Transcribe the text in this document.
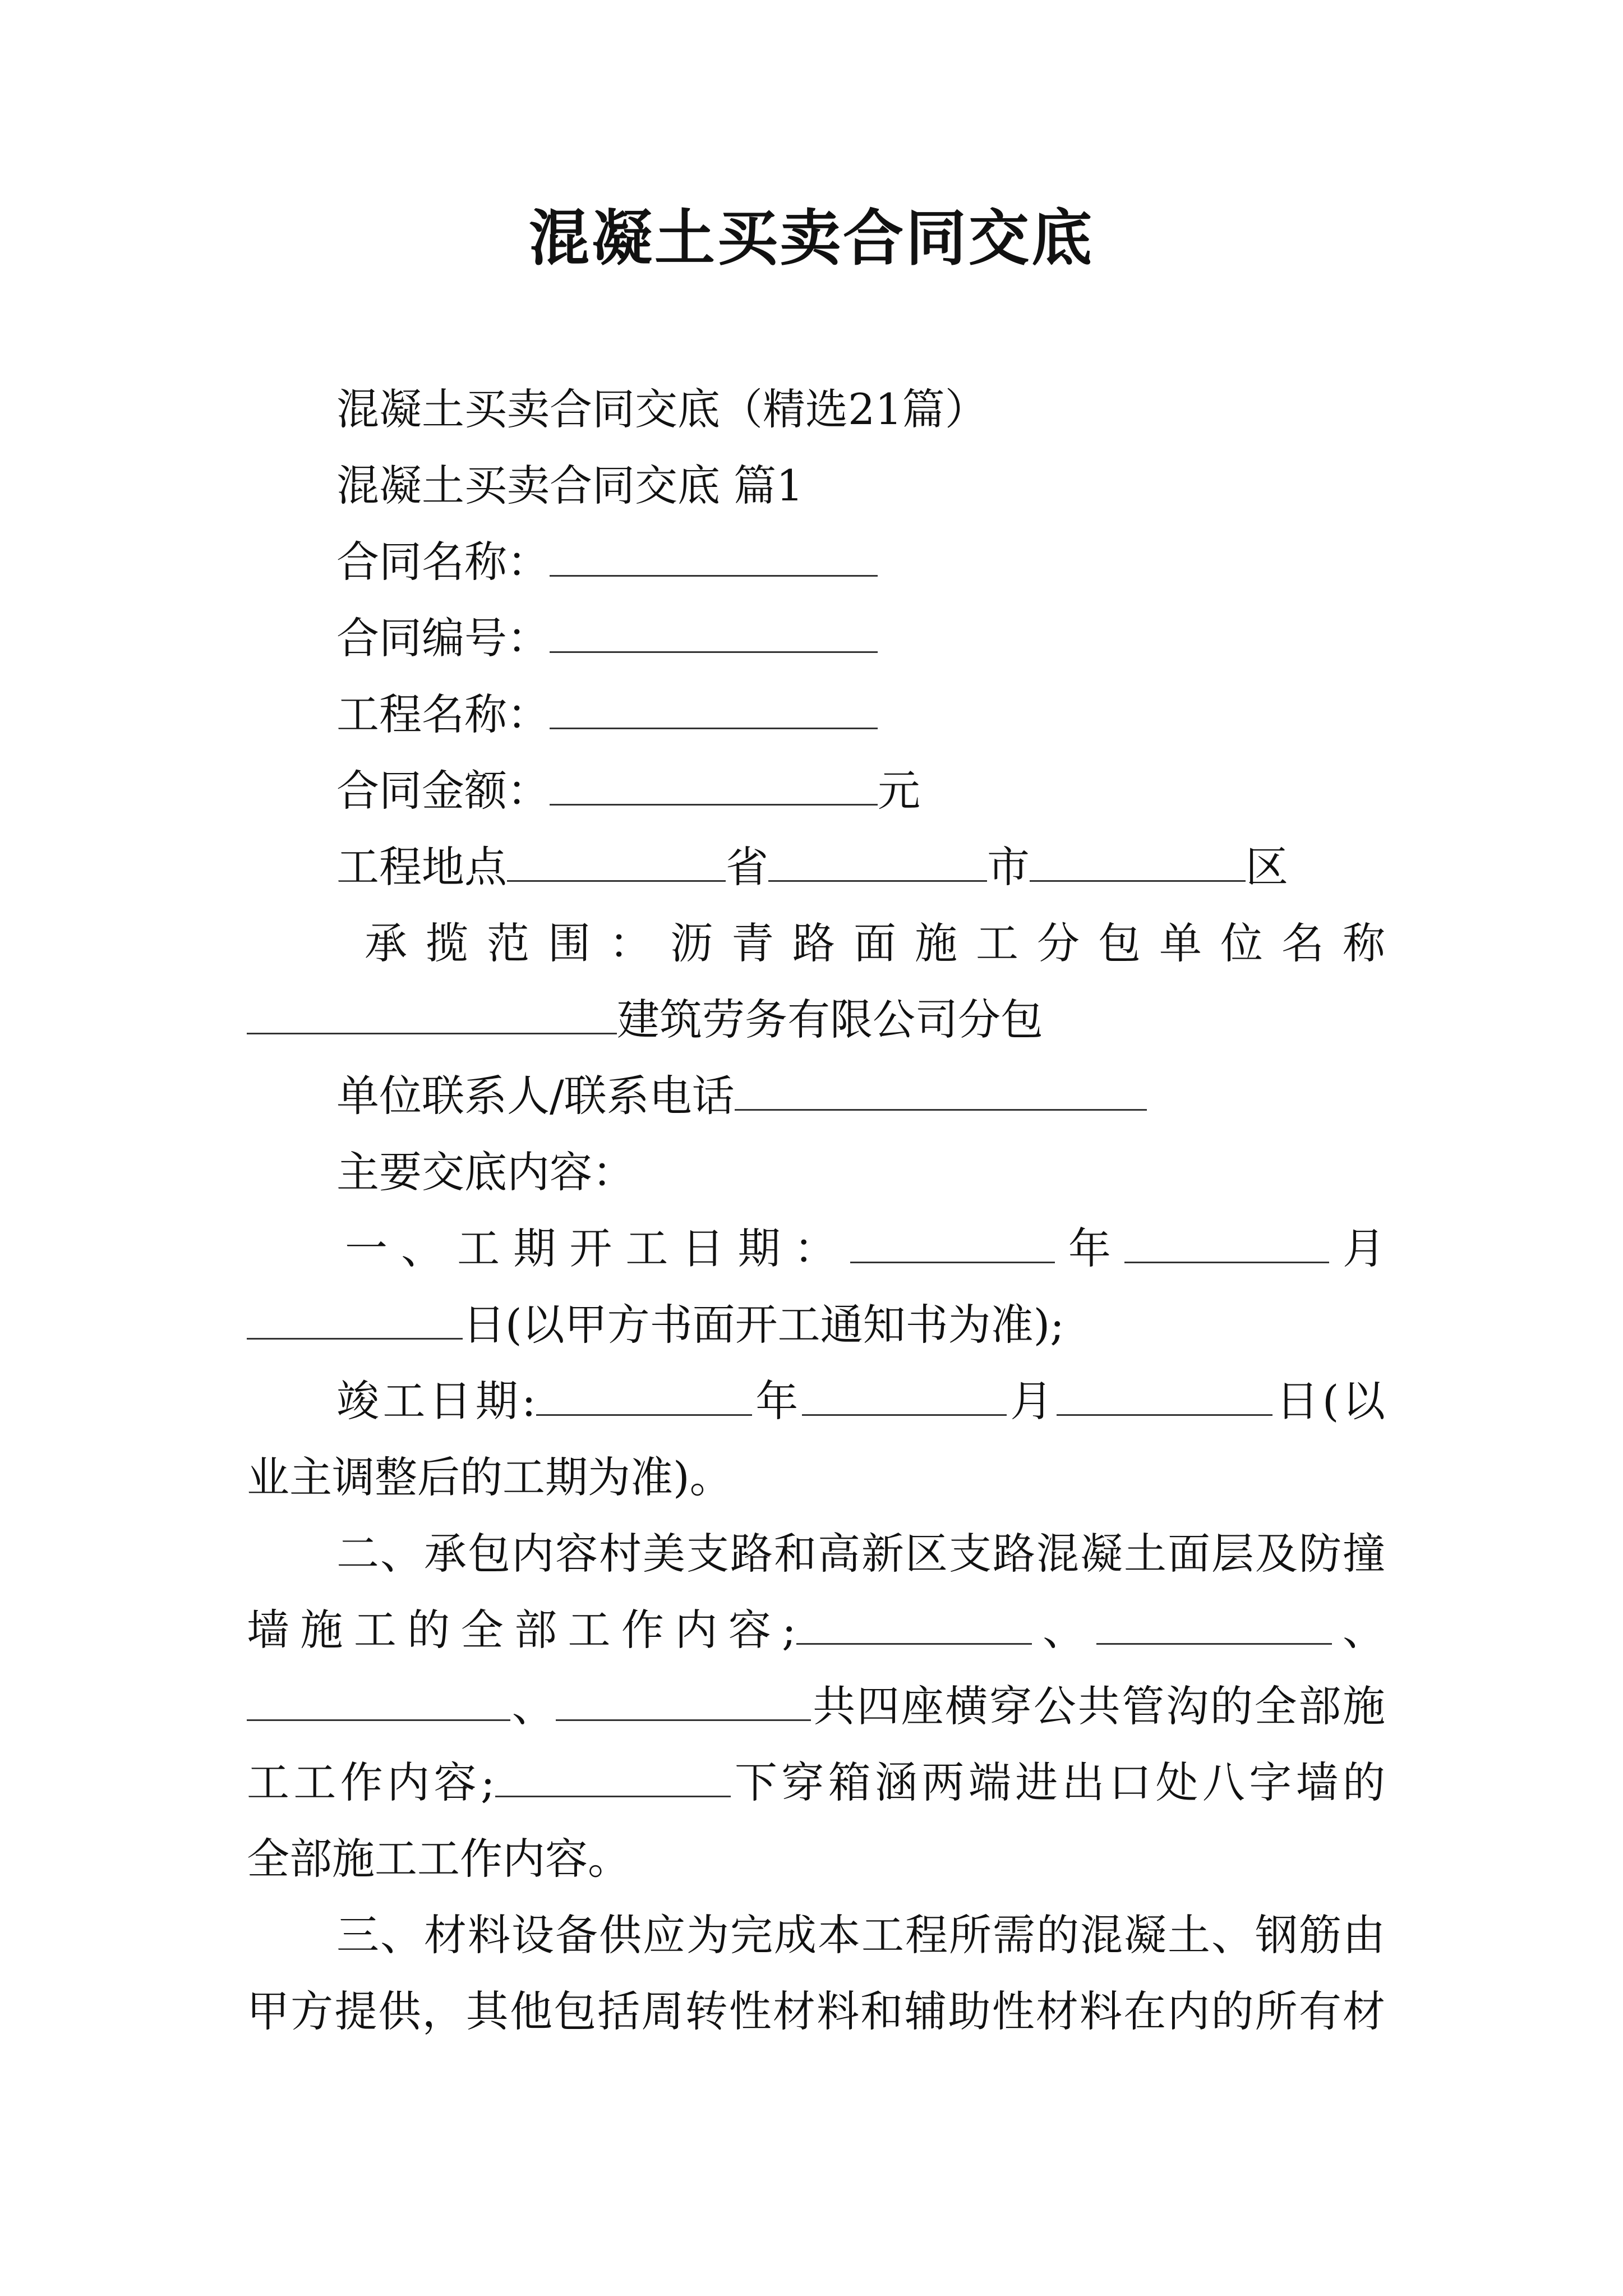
混凝土买卖合同交底
混凝土买卖合同交底（精选21篇）
混凝土买卖合同交底 篇1
合同名称：
合同编号：
工程名称：
合同金额：	元
工程地点	省	市	区
承揽范围：沥青路面施工分包单位名称
建筑劳务有限公司分包
单位联系人/联系电话
主要交底内容：
一、工期开工日期：	年	月
日(以甲方书面开工通知书为准);
竣工日期:	年	月	日(以
业主调整后的工期为准)。
二、承包内容村美支路和高新区支路混凝土面层及防撞
墙施工的全部工作内容;	、	、
、	共四座横穿公共管沟的全部施
工工作内容;	下穿箱涵两端进出口处八字墙的
全部施工工作内容。
三、材料设备供应为完成本工程所需的混凝土、钢筋由
甲方提供，其他包括周转性材料和辅助性材料在内的所有材
